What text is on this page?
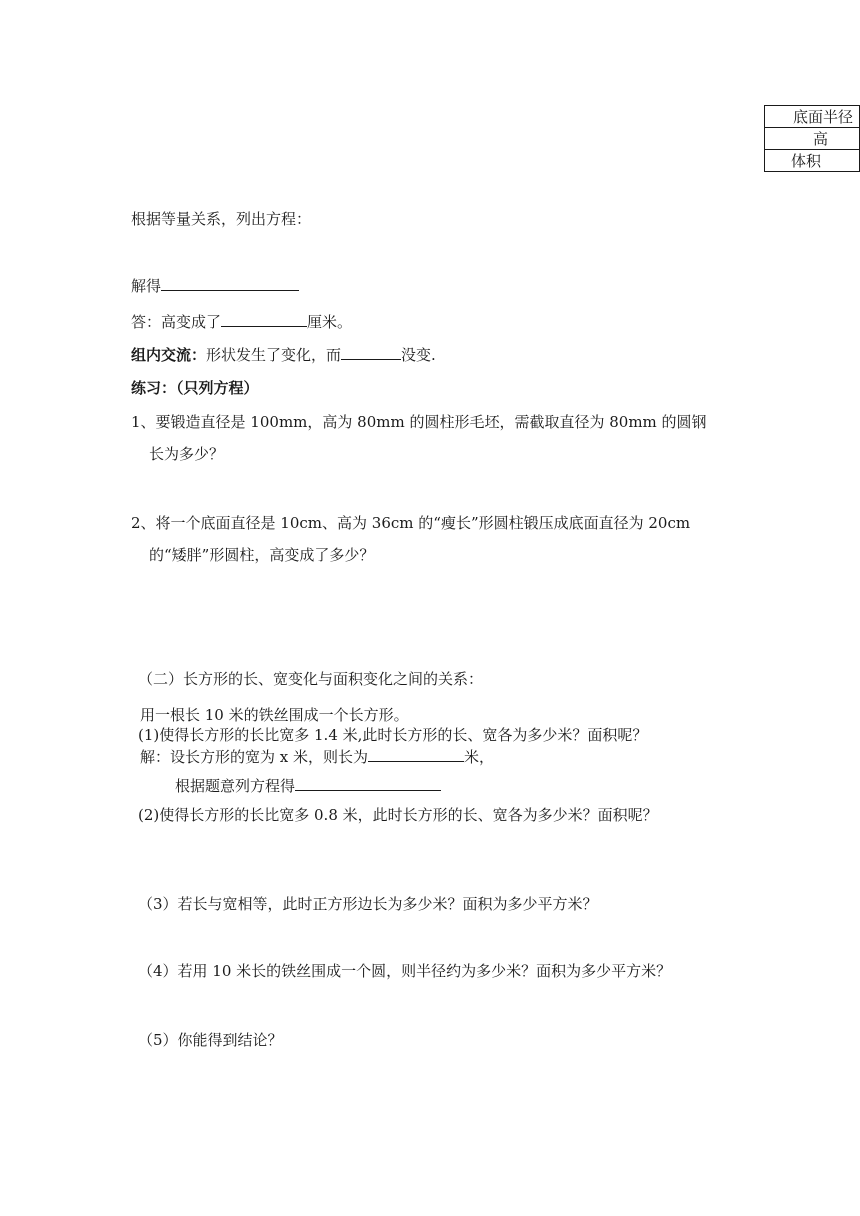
底面半径
高
体积
根据等量关系，列出方程：
解得
答：高变成了	厘米。
组内交流：形状发生了变化，而	没变.
练习：（只列方程）
1、要锻造直径是 100mm，高为 80mm 的圆柱形毛坯，需截取直径为 80mm 的圆钢
长为多少？
2、将一个底面直径是 10cm、高为 36cm 的“瘦长”形圆柱锻压成底面直径为 20cm
的“矮胖”形圆柱，高变成了多少？
（二）长方形的长、宽变化与面积变化之间的关系：
用一根长 10 米的铁丝围成一个长方形。
(1)使得长方形的长比宽多 1.4 米,此时长方形的长、宽各为多少米？面积呢？
解：设长方形的宽为 x 米，则长为	米，
根据题意列方程得
(2)使得长方形的长比宽多 0.8 米，此时长方形的长、宽各为多少米？面积呢？
（3）若长与宽相等，此时正方形边长为多少米？面积为多少平方米？
（4）若用 10 米长的铁丝围成一个圆，则半径约为多少米？面积为多少平方米？
（5）你能得到结论？
